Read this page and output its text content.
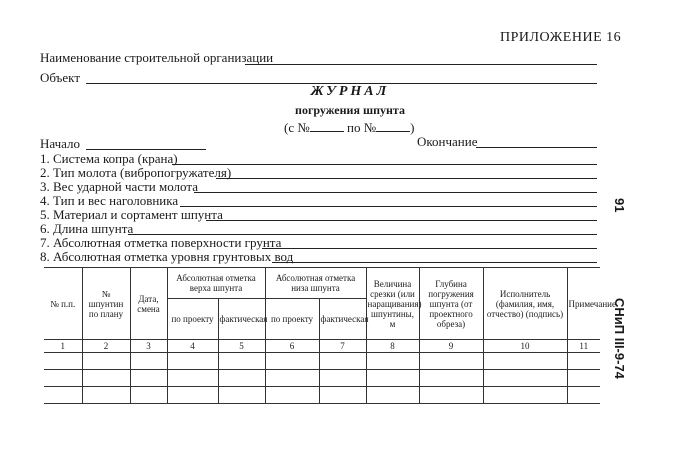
ПРИЛОЖЕНИЕ 16
Наименование строительной организации
Объект
ЖУРНАЛ
погружения шпунта
(с №	по №	)
Начало	Окончание
1. Система копра (крана)
2. Тип молота (вибропогружателя)
3. Вес ударной части молота
4. Тип и вес наголовника
5. Материал и сортамент шпунта
6. Длина шпунта
7. Абсолютная отметка поверхности грунта
8. Абсолютная отметка уровня грунтовых вод
91
СНиП III-9-74
№ п.п.	№ шпунтин по плану	Дата, смена	Абсолютная отметка верха шпунта		Абсолютная отметка низа шпунта		Величина срезки (или наращивания) шпунтины, м	Глубина погружения шпунта (от проектного обреза)	Исполнитель (фамилия, имя, отчество) (подпись)	Примечание
			по проекту	фактическая	по проекту	фактическая				
1	2	3	4	5	6	7	8	9	10	11
